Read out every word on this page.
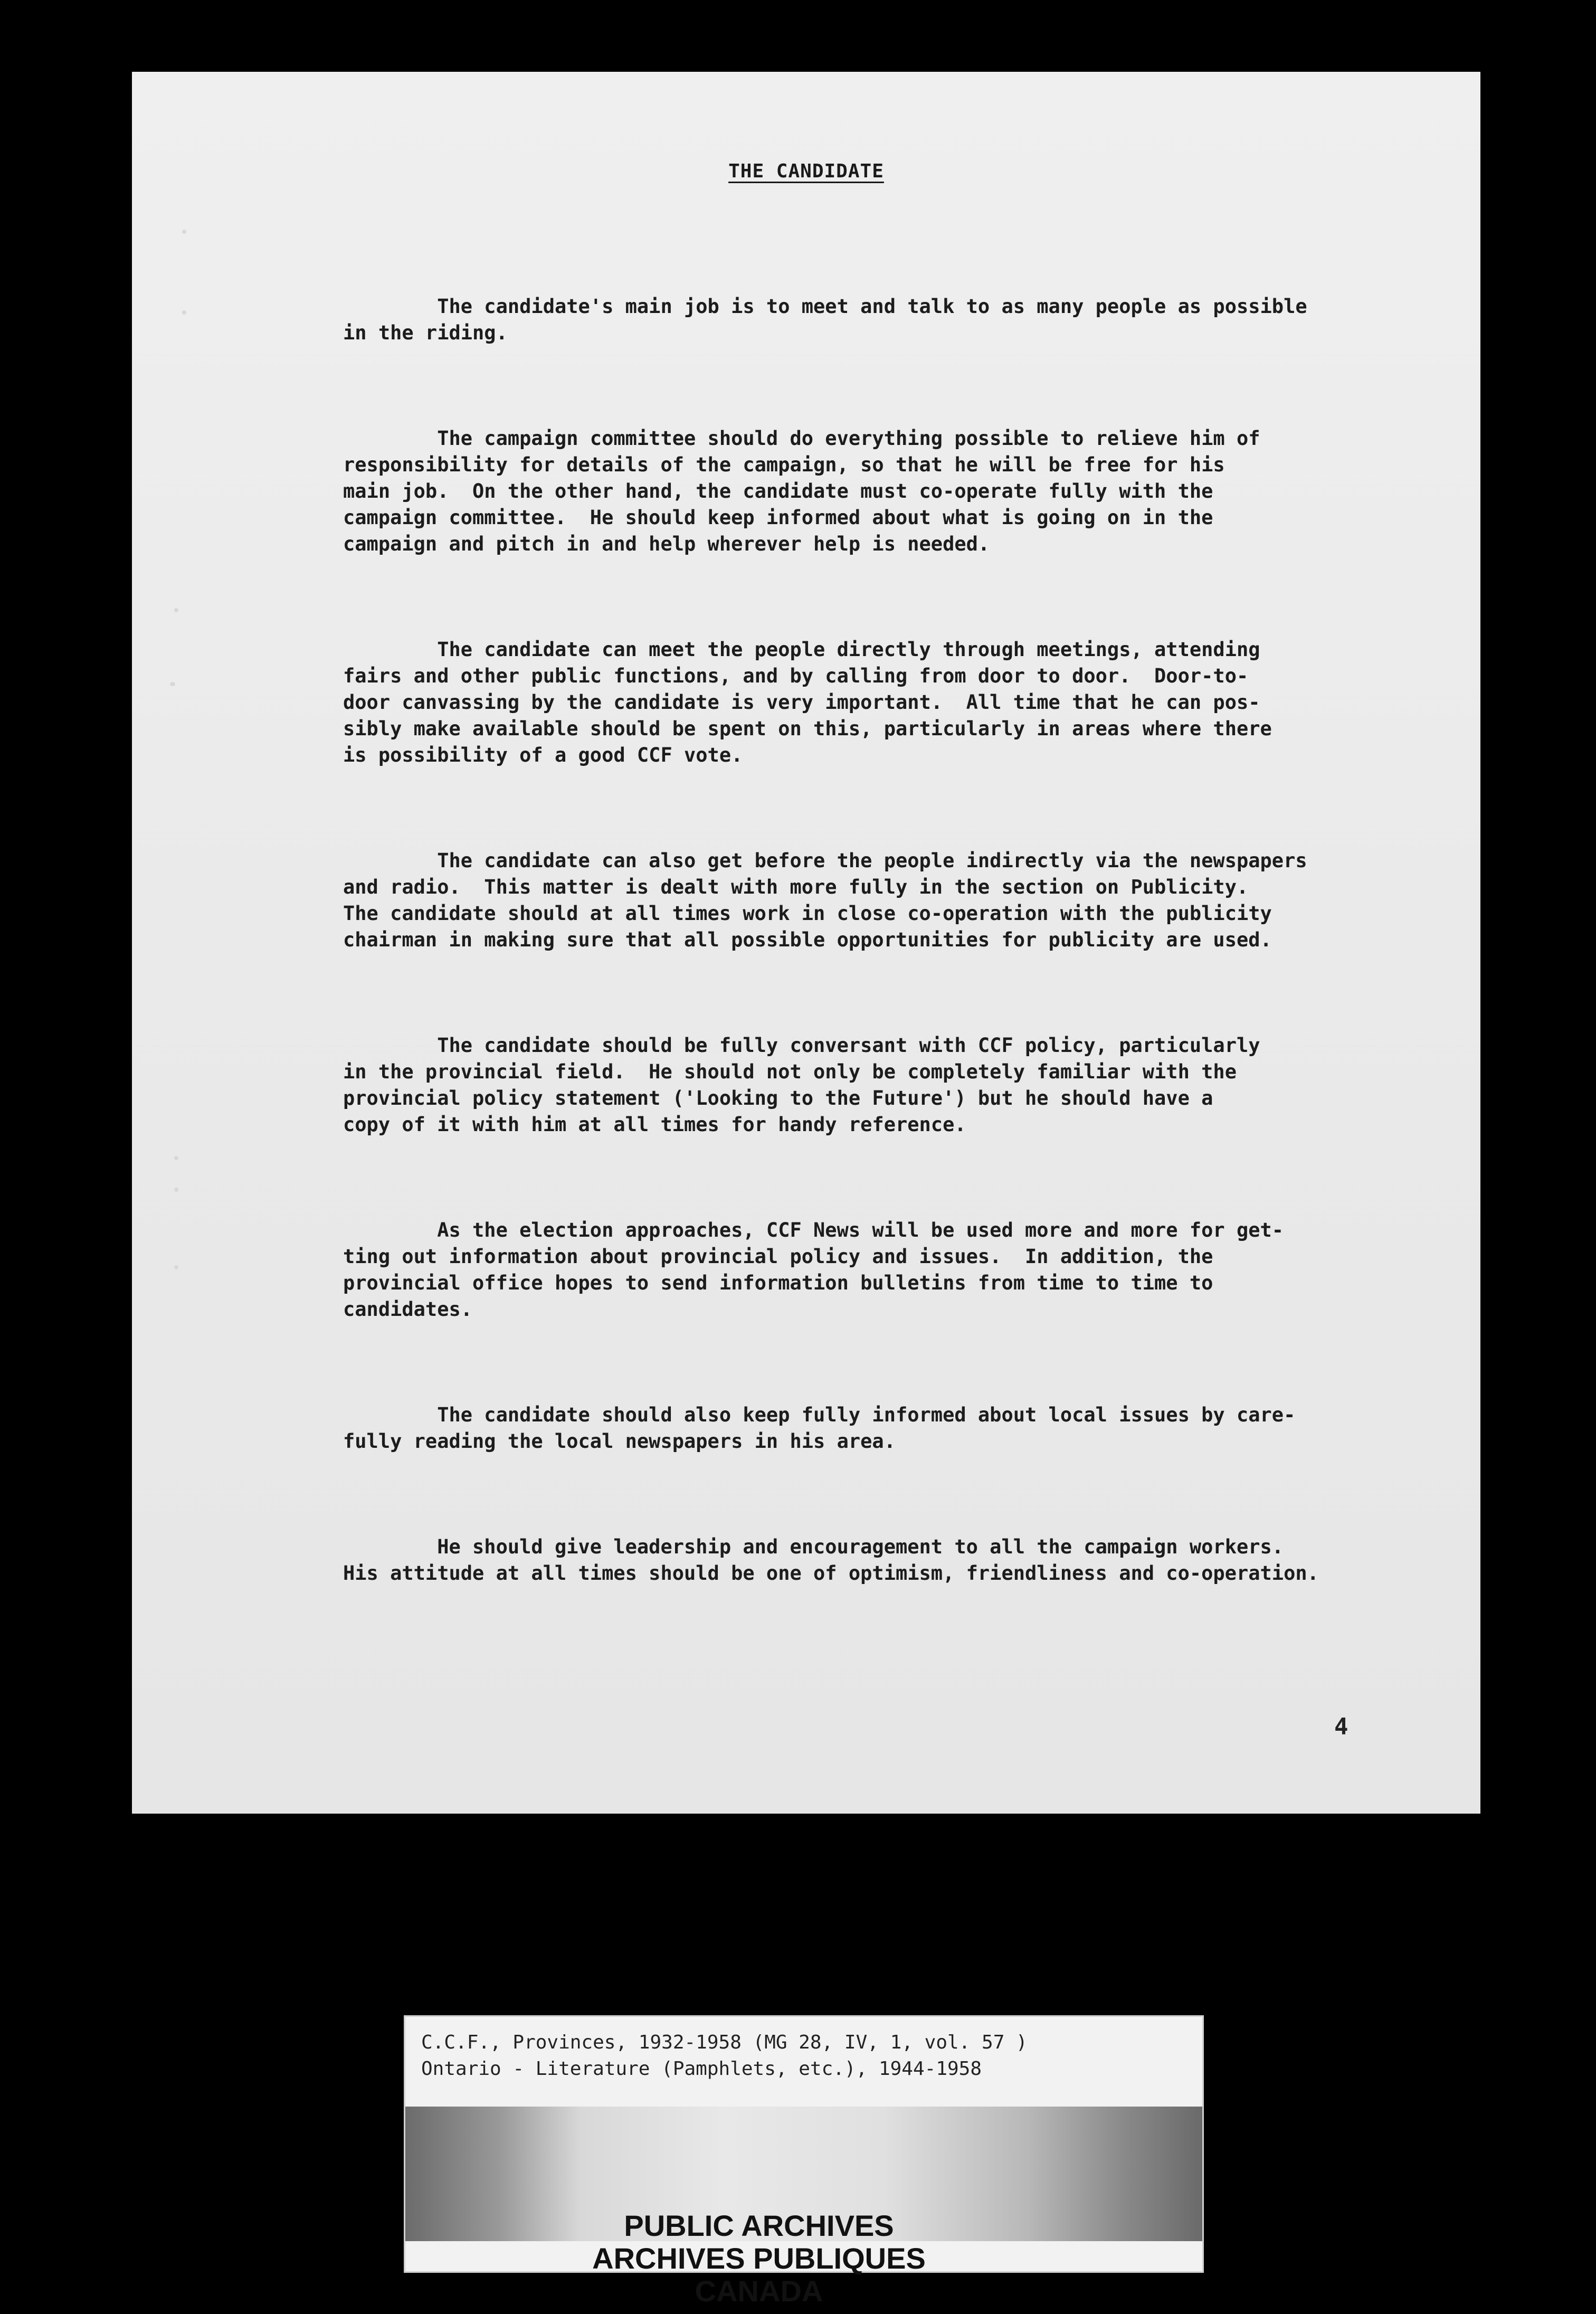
THE CANDIDATE

The candidate's main job is to meet and talk to as many people as possible
in the riding.

The campaign committee should do everything possible to relieve him of
responsibility for details of the campaign, so that he will be free for his
main job.  On the other hand, the candidate must co-operate fully with the
campaign committee.  He should keep informed about what is going on in the
campaign and pitch in and help wherever help is needed.

The candidate can meet the people directly through meetings, attending
fairs and other public functions, and by calling from door to door.  Door-to-
door canvassing by the candidate is very important.  All time that he can pos-
sibly make available should be spent on this, particularly in areas where there
is possibility of a good CCF vote.

The candidate can also get before the people indirectly via the newspapers
and radio.  This matter is dealt with more fully in the section on Publicity.
The candidate should at all times work in close co-operation with the publicity
chairman in making sure that all possible opportunities for publicity are used.

The candidate should be fully conversant with CCF policy, particularly
in the provincial field.  He should not only be completely familiar with the
provincial policy statement ('Looking to the Future') but he should have a
copy of it with him at all times for handy reference.

As the election approaches, CCF News will be used more and more for get-
ting out information about provincial policy and issues.  In addition, the
provincial office hopes to send information bulletins from time to time to
candidates.

The candidate should also keep fully informed about local issues by care-
fully reading the local newspapers in his area.

He should give leadership and encouragement to all the campaign workers.
His attitude at all times should be one of optimism, friendliness and co-operation.

4
C.C.F., Provinces, 1932-1958 (MG 28, IV, 1, vol. 57 )
Ontario - Literature (Pamphlets, etc.), 1944-1958
PUBLIC ARCHIVES
ARCHIVES PUBLIQUES
CANADA
